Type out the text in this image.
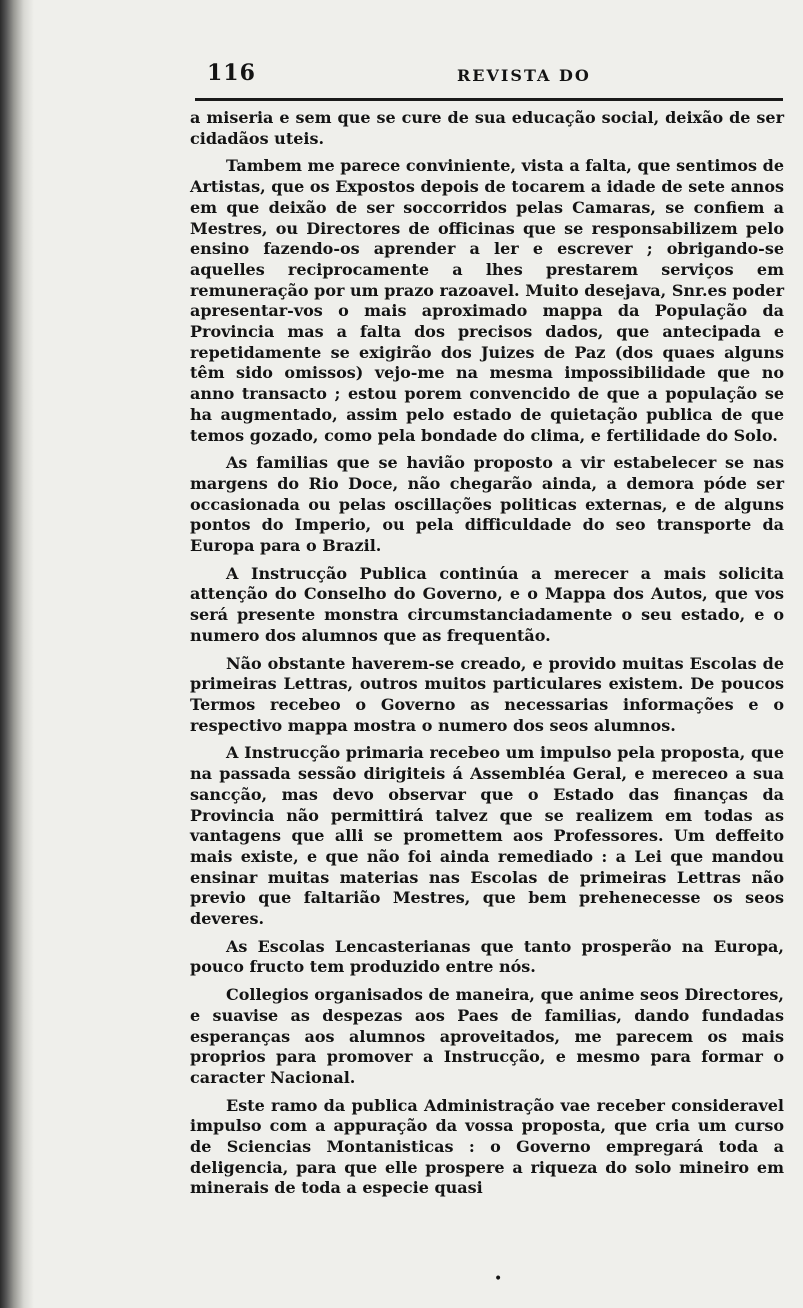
116	REVISTA DO

a miseria e sem que se cure de sua educação social, deixão de ser cidadãos uteis.

Tambem me parece conviniente, vista a falta, que sentimos de Artistas, que os Expostos depois de tocarem a idade de sete annos em que deixão de ser soccorridos pelas Camaras, se confiem a Mestres, ou Directores de officinas que se responsabilizem pelo ensino fazendo-os aprender a ler e escrever ; obrigando-se aquelles reciprocamente a lhes prestarem serviços em remuneração por um prazo razoavel. Muito desejava, Snr.es poder apresentar-vos o mais aproximado mappa da População da Provincia mas a falta dos precisos dados, que antecipada e repetidamente se exigirão dos Juizes de Paz (dos quaes alguns têm sido omissos) vejo-me na mesma impossibilidade que no anno transacto ; estou porem convencido de que a população se ha augmentado, assim pelo estado de quietação publica de que temos gozado, como pela bondade do clima, e fertilidade do Solo.

As familias que se havião proposto a vir estabelecer se nas margens do Rio Doce, não chegarão ainda, a demora póde ser occasionada ou pelas oscillações politicas externas, e de alguns pontos do Imperio, ou pela difficuldade do seo transporte da Europa para o Brazil.

A Instrucção Publica continúa a merecer a mais solicita attenção do Conselho do Governo, e o Mappa dos Autos, que vos será presente monstra circumstanciadamente o seu estado, e o numero dos alumnos que as frequentão.

Não obstante haverem-se creado, e provido muitas Escolas de primeiras Lettras, outros muitos particulares existem. De poucos Termos recebeo o Governo as necessarias informações e o respectivo mappa mostra o numero dos seos alumnos.

A Instrucção primaria recebeo um impulso pela proposta, que na passada sessão dirigiteis á Assembléa Geral, e mereceo a sua sancção, mas devo observar que o Estado das finanças da Provincia não permittirá talvez que se realizem em todas as vantagens que alli se promettem aos Professores. Um deffeito mais existe, e que não foi ainda remediado : a Lei que mandou ensinar muitas materias nas Escolas de primeiras Lettras não previo que faltarião Mestres, que bem prehenecesse os seos deveres.

As Escolas Lencasterianas que tanto prosperão na Europa, pouco fructo tem produzido entre nós.

Collegios organisados de maneira, que anime seos Directores, e suavise as despezas aos Paes de familias, dando fundadas esperanças aos alumnos aproveitados, me parecem os mais proprios para promover a Instrucção, e mesmo para formar o caracter Nacional.

Este ramo da publica Administração vae receber consideravel impulso com a appuração da vossa proposta, que cria um curso de Sciencias Montanisticas : o Governo empregará toda a deligencia, para que elle prospere a riqueza do solo mineiro em minerais de toda a especie quasi

•
